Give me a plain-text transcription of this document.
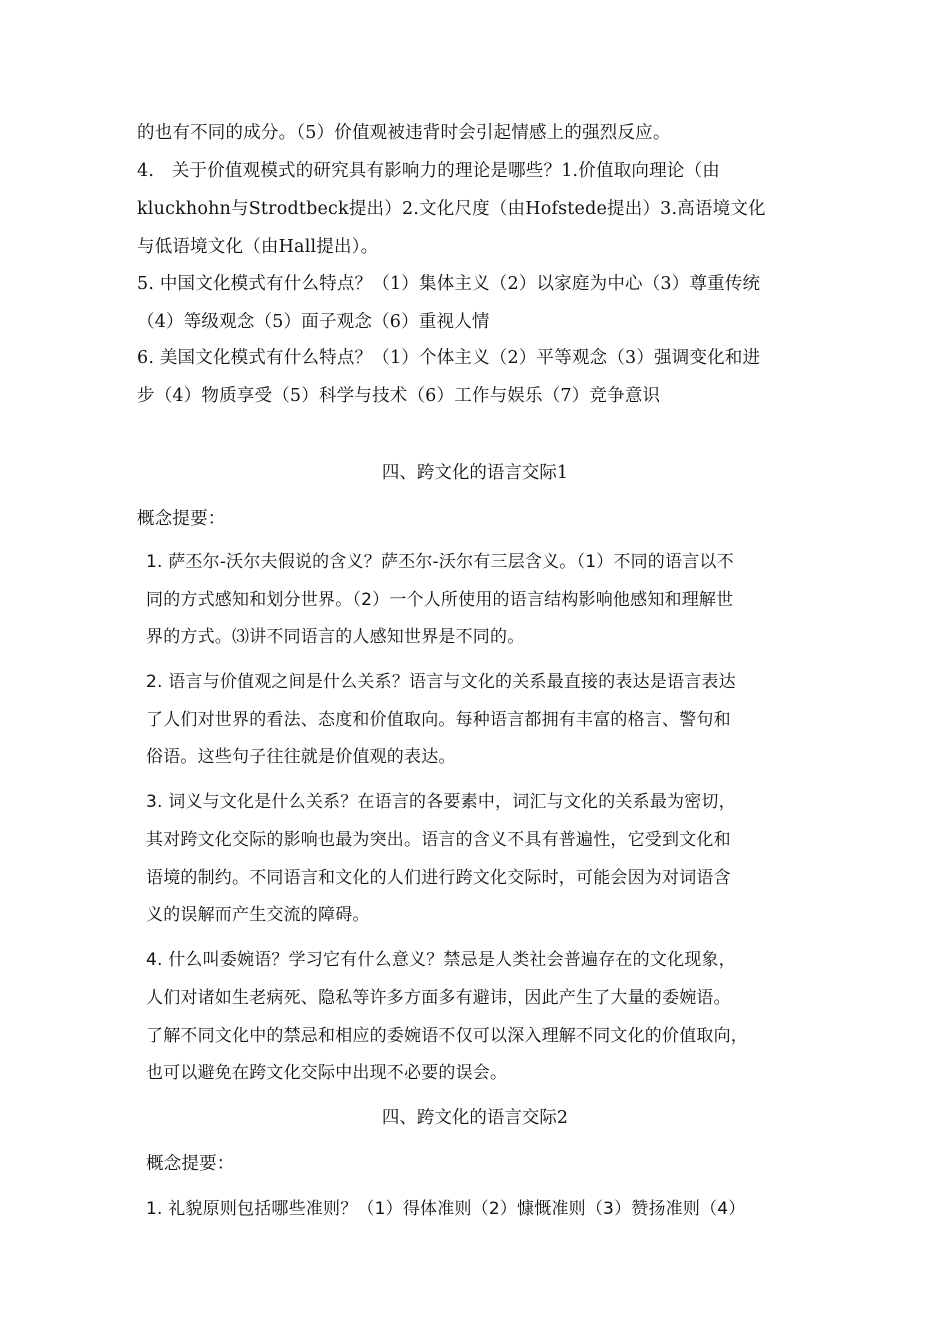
的也有不同的成分。（5）价值观被违背时会引起情感上的强烈反应。
4.　关于价值观模式的研究具有影响力的理论是哪些？1.价值取向理论（由
kluckhohn与Strodtbeck提出）2.文化尺度（由Hofstede提出）3.高语境文化
与低语境文化（由Hall提出）。
5. 中国文化模式有什么特点？（1）集体主义（2）以家庭为中心（3）尊重传统
（4）等级观念（5）面子观念（6）重视人情
6. 美国文化模式有什么特点？（1）个体主义（2）平等观念（3）强调变化和进
步（4）物质享受（5）科学与技术（6）工作与娱乐（7）竞争意识
四、跨文化的语言交际1
概念提要：
1. 萨丕尔-沃尔夫假说的含义？萨丕尔-沃尔有三层含义。（1）不同的语言以不
同的方式感知和划分世界。（2）一个人所使用的语言结构影响他感知和理解世
界的方式。⑶讲不同语言的人感知世界是不同的。
2. 语言与价值观之间是什么关系？语言与文化的关系最直接的表达是语言表达
了人们对世界的看法、态度和价值取向。每种语言都拥有丰富的格言、警句和
俗语。这些句子往往就是价值观的表达。
3. 词义与文化是什么关系？在语言的各要素中，词汇与文化的关系最为密切，
其对跨文化交际的影响也最为突出。语言的含义不具有普遍性，它受到文化和
语境的制约。不同语言和文化的人们进行跨文化交际时，可能会因为对词语含
义的误解而产生交流的障碍。
4. 什么叫委婉语？学习它有什么意义？禁忌是人类社会普遍存在的文化现象，
人们对诸如生老病死、隐私等许多方面多有避讳，因此产生了大量的委婉语。
了解不同文化中的禁忌和相应的委婉语不仅可以深入理解不同文化的价值取向，
也可以避免在跨文化交际中出现不必要的误会。
四、跨文化的语言交际2
概念提要：
1. 礼貌原则包括哪些准则？（1）得体准则（2）慷慨准则（3）赞扬准则（4）
